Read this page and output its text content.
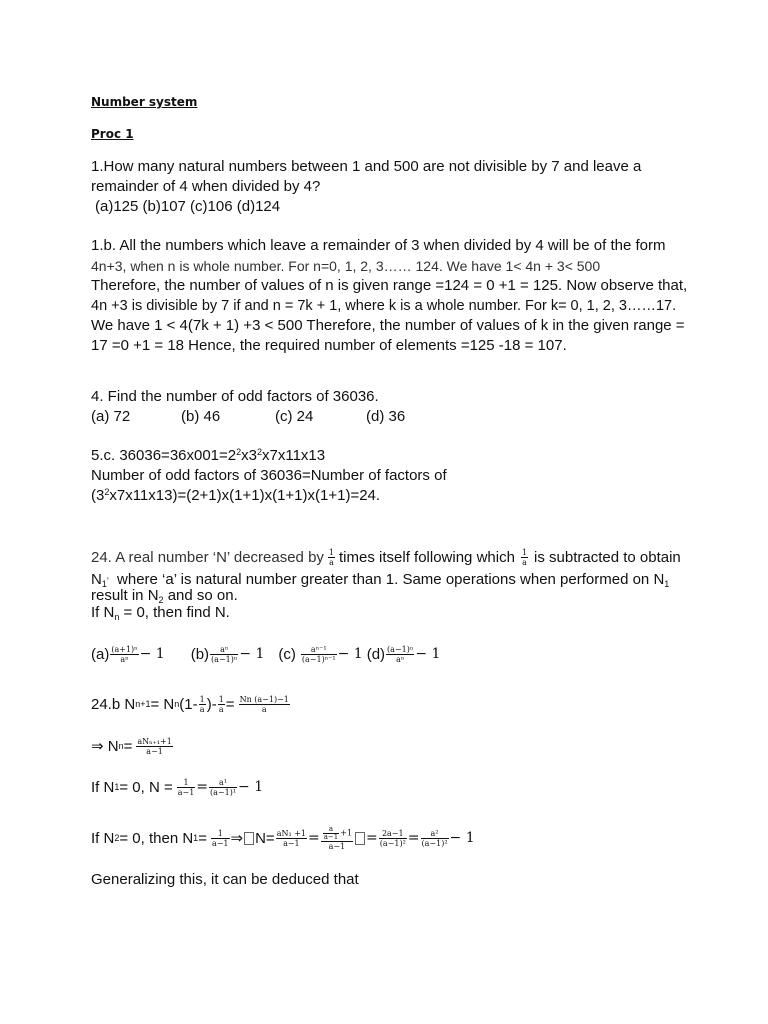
Number system
Proc 1
1.How many natural numbers between 1 and 500 are not divisible by 7 and leave a
remainder of 4 when divided by 4?
(a)125 (b)107 (c)106 (d)124
1.b. All the numbers which leave a remainder of 3 when divided by 4 will be of the form
4n+3, when n is whole number. For n=0, 1, 2, 3…… 124. We have 1< 4n + 3< 500
Therefore, the number of values of n is given range =124 = 0 +1 = 125. Now observe that,
4n +3 is divisible by 7 if and n = 7k + 1, where k is a whole number. For k= 0, 1, 2, 3……17.
We have 1 < 4(7k + 1) +3 < 500 Therefore, the number of values of k in the given range =
17 =0 +1 = 18 Hence, the required number of elements =125 -18 = 107.
4. Find the number of odd factors of 36036.
(a) 72	(b) 46	(c) 24	(d) 36
5.c. $36036=36x001=2^2x3^2x7x11x13$
Number of odd factors of 36036=Number of factors of
$(3^2x7x11x13)=(2+1)x(1+1)x(1+1)x(1+1)=24$.
24. A real number ‘N’ decreased by $\frac{1}{a}$ times itself following which $\frac{1}{a}$ is subtracted to obtain
$N_1$’ where ‘a’ is natural number greater than 1. Same operations when performed on $N_1$
result in $N_2$ and so on.
If $N_n = 0$, then find N.
$(a) \frac{\text{(a+1)ⁿ}}{\text{aⁿ}} - 1$ $(b) \frac{\text{aⁿ}}{\text{(a−1)ⁿ}} - 1$ $(c) \frac{\text{aⁿ⁻¹}}{\text{(a−1)ⁿ⁻¹}} - 1$ $(d) \frac{\text{(a−1)ⁿ}}{\text{aⁿ}} - 1$
24.b N n+1 = N n ($1- \frac{1}{a}$ )- $\frac{1}{a} = \frac{Nn (a-1)-1}{a}$
⇒ N $n = \frac{\text{aNₙ₊₁+1}}{a-1}$
If N 1 = 0, $N = \frac{1}{a-1} = \frac{\text{a¹}}{\text{(a−1)¹}} - 1$
If N 2 = 0, then N $1 = \frac{1}{a-1}$ ⇒ $N= \frac{\text{aN₁ +1}}{a-1} = \frac{\frac{a}{a-1} +1}{a-1} = \frac{2a-1}{\text{(a−1)²}} = \frac{\text{a²}}{\text{(a−1)²}} - 1$
Generalizing this, it can be deduced that
